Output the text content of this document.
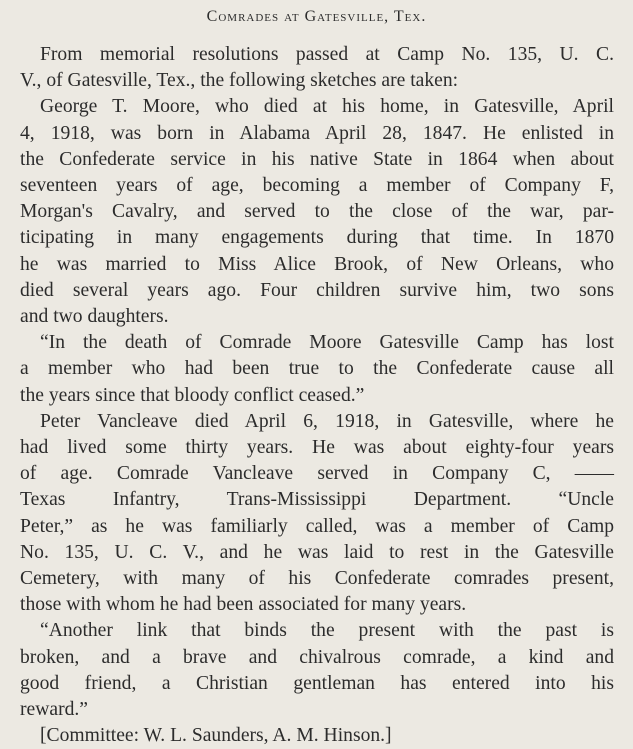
Comrades at Gatesville, Tex.
From memorial resolutions passed at Camp No. 135, U. C.
V., of Gatesville, Tex., the following sketches are taken:
George T. Moore, who died at his home, in Gatesville, April
4, 1918, was born in Alabama April 28, 1847. He enlisted in
the Confederate service in his native State in 1864 when about
seventeen years of age, becoming a member of Company F,
Morgan's Cavalry, and served to the close of the war, par-
ticipating in many engagements during that time. In 1870
he was married to Miss Alice Brook, of New Orleans, who
died several years ago. Four children survive him, two sons
and two daughters.
“In the death of Comrade Moore Gatesville Camp has lost
a member who had been true to the Confederate cause all
the years since that bloody conflict ceased.”
Peter Vancleave died April 6, 1918, in Gatesville, where he
had lived some thirty years. He was about eighty-four years
of age. Comrade Vancleave served in Company C, ——
Texas Infantry, Trans-Mississippi Department. “Uncle
Peter,” as he was familiarly called, was a member of Camp
No. 135, U. C. V., and he was laid to rest in the Gatesville
Cemetery, with many of his Confederate comrades present,
those with whom he had been associated for many years.
“Another link that binds the present with the past is
broken, and a brave and chivalrous comrade, a kind and
good friend, a Christian gentleman has entered into his
reward.”
[Committee: W. L. Saunders, A. M. Hinson.]
